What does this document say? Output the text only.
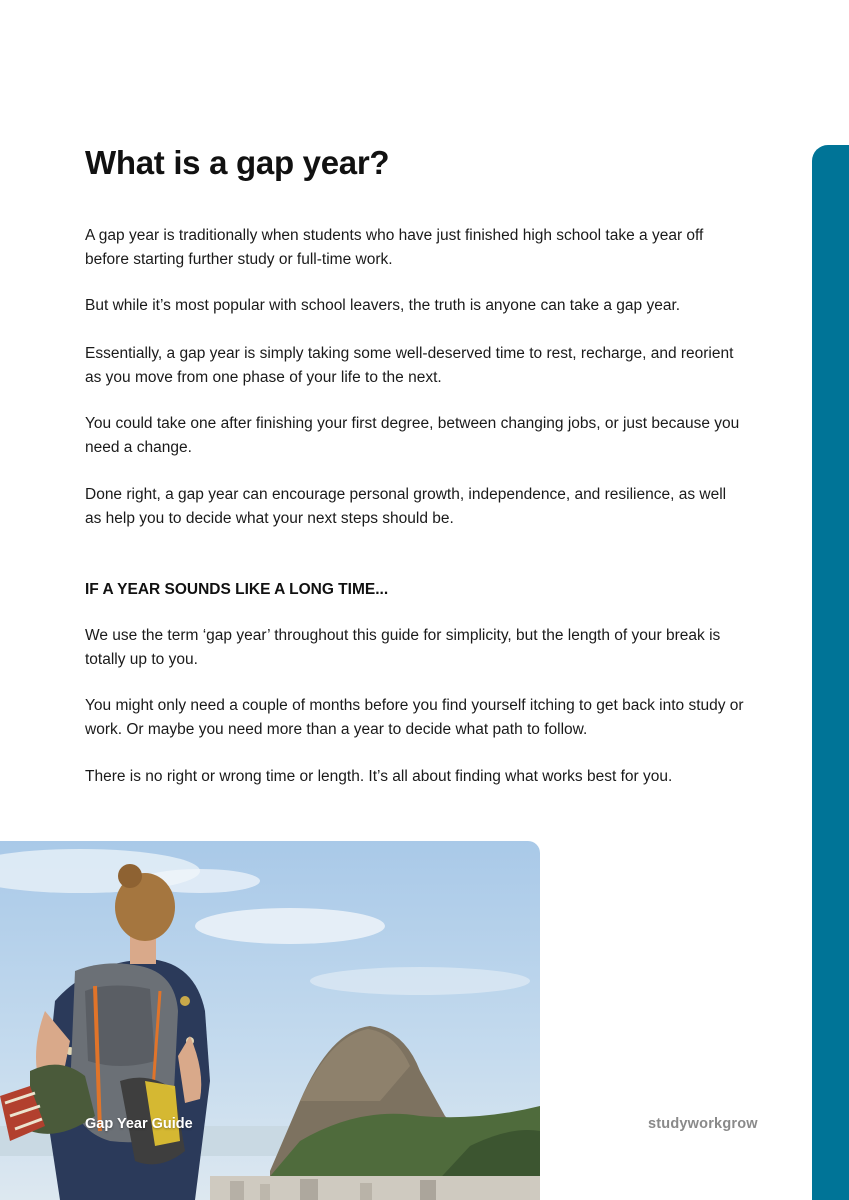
What is a gap year?

A gap year is traditionally when students who have just finished high school take a year off before starting further study or full-time work.

But while it’s most popular with school leavers, the truth is anyone can take a gap year.

Essentially, a gap year is simply taking some well-deserved time to rest, recharge, and reorient as you move from one phase of your life to the next.

You could take one after finishing your first degree, between changing jobs, or just because you need a change.

Done right, a gap year can encourage personal growth, independence, and resilience, as well as help you to decide what your next steps should be.

IF A YEAR SOUNDS LIKE A LONG TIME...

We use the term ‘gap year’ throughout this guide for simplicity, but the length of your break is totally up to you.

You might only need a couple of months before you find yourself itching to get back into study or work. Or maybe you need more than a year to decide what path to follow.

There is no right or wrong time or length. It’s all about finding what works best for you.

Gap Year Guide	studyworkgrow
